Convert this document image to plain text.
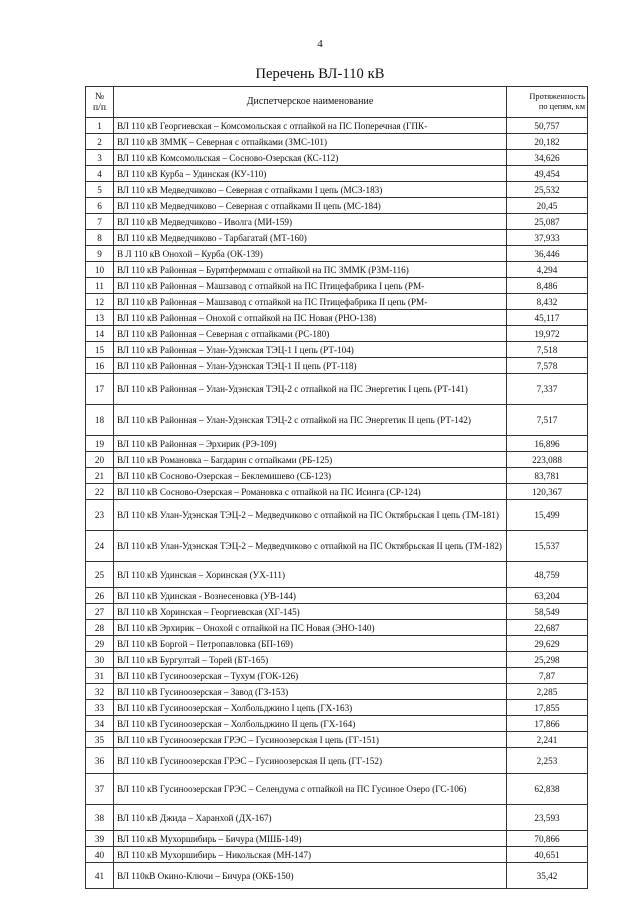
4
Перечень ВЛ-110 кВ
№
п/п	Диспетчерское наименование	Протяженность
по цепям, км
1	ВЛ 110 кВ Георгиевская – Комсомольская с отпайкой на ПС Поперечная (ГПК-	50,757
2	ВЛ 110 кВ ЗММК – Северная с отпайками (ЗМС-101)	20,182
3	ВЛ 110 кВ Комсомольская – Сосново-Озерская (КС-112)	34,626
4	ВЛ 110 кВ Курба – Удинская (КУ-110)	49,454
5	ВЛ 110 кВ Медведчиково – Северная с отпайками I цепь (МСЗ-183)	25,532
6	ВЛ 110 кВ Медведчиково – Северная с отпайками II цепь (МС-184)	20,45
7	ВЛ 110 кВ Медведчиково - Иволга (МИ-159)	25,087
8	ВЛ 110 кВ Медведчиково - Тарбагатай (МТ-160)	37,933
9	В Л 110 кВ Онохой – Курба (ОК-139)	36,446
10	ВЛ 110 кВ Районная – Бурятферммаш с отпайкой на ПС ЗММК (РЗМ-116)	4,294
11	ВЛ 110 кВ Районная – Машзавод с отпайкой на ПС Птицефабрика I цепь (РМ-	8,486
12	ВЛ 110 кВ Районная – Машзавод с отпайкой на ПС Птицефабрика II цепь (РМ-	8,432
13	ВЛ 110 кВ Районная – Онохой с отпайкой на ПС Новая (РНО-138)	45,117
14	ВЛ 110 кВ Районная – Северная с отпайками (РС-180)	19,972
15	ВЛ 110 кВ Районная – Улан-Удэнская ТЭЦ-1 I цепь (РТ-104)	7,518
16	ВЛ 110 кВ Районная – Улан-Удэнская ТЭЦ-1 II цепь (РТ-118)	7,578
17	ВЛ 110 кВ Районная – Улан-Удэнская ТЭЦ-2 с отпайкой на ПС Энергетик I цепь (РТ-141)	7,337
18	ВЛ 110 кВ Районная – Улан-Удэнская ТЭЦ-2 с отпайкой на ПС Энергетик II цепь (РТ-142)	7,517
19	ВЛ 110 кВ Районная – Эрхирик (РЭ-109)	16,896
20	ВЛ 110 кВ Романовка – Багдарин с отпайками (РБ-125)	223,088
21	ВЛ 110 кВ Сосново-Озерская – Беклемишево (СБ-123)	83,781
22	ВЛ 110 кВ Сосново-Озерская – Романовка с отпайкой на ПС Исинга (СР-124)	120,367
23	ВЛ 110 кВ Улан-Удэнская ТЭЦ-2 – Медведчиково с отпайкой на ПС Октябрьская I цепь (ТМ-181)	15,499
24	ВЛ 110 кВ Улан-Удэнская ТЭЦ-2 – Медведчиково с отпайкой на ПС Октябрьская II цепь (ТМ-182)	15,537
25	ВЛ 110 кВ Удинская – Хоринская (УХ-111)	48,759
26	ВЛ 110 кВ Удинская - Вознесеновка (УВ-144)	63,204
27	ВЛ 110 кВ Хоринская – Георгиевская (ХГ-145)	58,549
28	ВЛ 110 кВ Эрхирик – Онохой с отпайкой на ПС Новая (ЭНО-140)	22,687
29	ВЛ 110 кВ Боргой – Петропавловка (БП-169)	29,629
30	ВЛ 110 кВ Бургултай – Торей (БТ-165)	25,298
31	ВЛ 110 кВ Гусиноозерская – Тухум (ГОК-126)	7,87
32	ВЛ 110 кВ Гусиноозерская – Завод (ГЗ-153)	2,285
33	ВЛ 110 кВ Гусиноозерская – Холбольджино I цепь (ГХ-163)	17,855
34	ВЛ 110 кВ Гусиноозерская – Холбольджино II цепь (ГХ-164)	17,866
35	ВЛ 110 кВ Гусиноозерская ГРЭС – Гусиноозерская I цепь (ГГ-151)	2,241
36	ВЛ 110 кВ Гусиноозерская ГРЭС – Гусиноозерская II цепь (ГГ-152)	2,253
37	ВЛ 110 кВ Гусиноозерская ГРЭС – Селендума с отпайкой на ПС Гусиное Озеро (ГС-106)	62,838
38	ВЛ 110 кВ Джида – Харанхой (ДХ-167)	23,593
39	ВЛ 110 кВ Мухоршибирь – Бичура (МШБ-149)	70,866
40	ВЛ 110 кВ Мухоршибирь – Никольская (МН-147)	40,651
41	ВЛ 110кВ Окино-Ключи – Бичура (ОКБ-150)	35,42
